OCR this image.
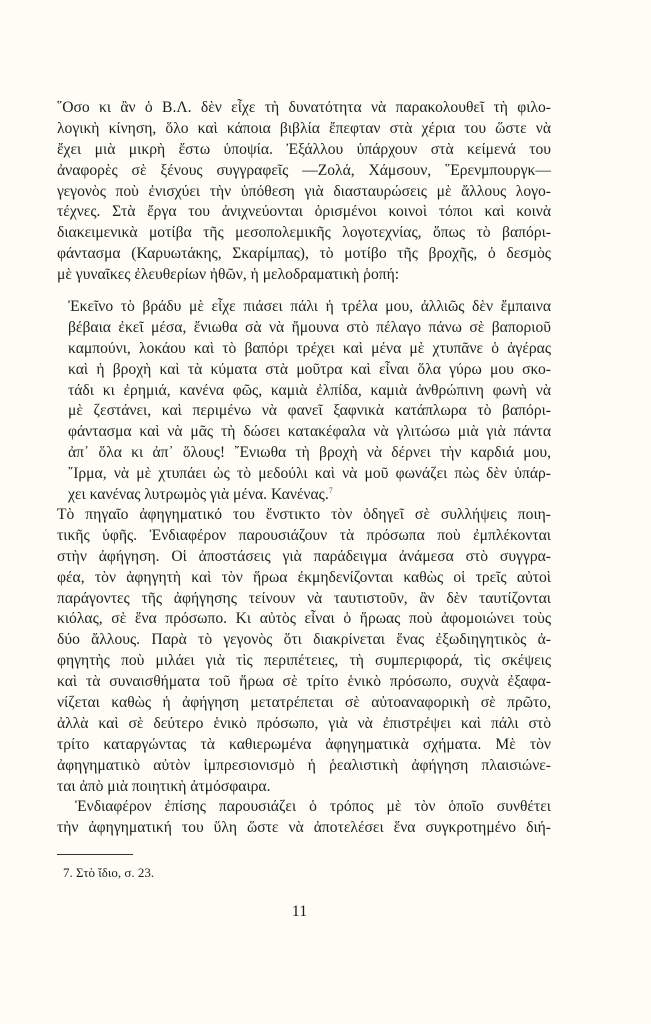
῞Οσο κι ἂν ὁ Β.Λ. δὲν εἶχε τὴ δυνατότητα νὰ παρακολουθεῖ τὴ φιλο-
λογικὴ κίνηση, ὅλο καὶ κάποια βιβλία ἔπεφταν στὰ χέρια του ὥστε νὰ
ἔχει μιὰ μικρὴ ἔστω ὑποψία. Ἐξάλλου ὑπάρχουν στὰ κείμενά του
ἀναφορὲς σὲ ξένους συγγραφεῖς —Ζολά, Χάμσουν, ῞Ερενμπουργκ—
γεγονὸς ποὺ ἐνισχύει τὴν ὑπόθεση γιὰ διασταυρώσεις μὲ ἄλλους λογο-
τέχνες. Στὰ ἔργα του ἀνιχνεύονται ὁρισμένοι κοινοὶ τόποι καὶ κοινὰ
διακειμενικὰ μοτίβα τῆς μεσοπολεμικῆς λογοτεχνίας, ὅπως τὸ βαπόρι-
φάντασμα (Καρυωτάκης, Σκαρίμπας), τὸ μοτίβο τῆς βροχῆς, ὁ δεσμὸς
μὲ γυναῖκες ἐλευθερίων ἠθῶν, ἡ μελοδραματικὴ ῥοπή:
Ἐκεῖνο τὸ βράδυ μὲ εἶχε πιάσει πάλι ἡ τρέλα μου, ἀλλιῶς δὲν ἔμπαινα
βέβαια ἐκεῖ μέσα, ἔνιωθα σὰ νὰ ἤμουνα στὸ πέλαγο πάνω σὲ βαποριοῦ
καμπούνι, λοκάου καὶ τὸ βαπόρι τρέχει καὶ μένα μὲ χτυπᾶνε ὁ ἀγέρας
καὶ ἡ βροχὴ καὶ τὰ κύματα στὰ μοῦτρα καὶ εἶναι ὅλα γύρω μου σκο-
τάδι κι ἐρημιά, κανένα φῶς, καμιὰ ἐλπίδα, καμιὰ ἀνθρώπινη φωνὴ νὰ
μὲ ζεστάνει, καὶ περιμένω νὰ φανεῖ ξαφνικὰ κατάπλωρα τὸ βαπόρι-
φάντασμα καὶ νὰ μᾶς τὴ δώσει κατακέφαλα νὰ γλιτώσω μιὰ γιὰ πάντα
ἀπ᾽ ὅλα κι ἀπ᾽ ὅλους! ῎Ενιωθα τὴ βροχὴ νὰ δέρνει τὴν καρδιά μου,
῎Ιρμα, νὰ μὲ χτυπάει ὡς τὸ μεδούλι καὶ νὰ μοῦ φωνάζει πὼς δὲν ὑπάρ-
χει κανένας λυτρωμὸς γιὰ μένα. Κανένας.$^7$
Τὸ πηγαῖο ἀφηγηματικό του ἔνστικτο τὸν ὁδηγεῖ σὲ συλλήψεις ποιη-
τικῆς ὑφῆς. Ἐνδιαφέρον παρουσιάζουν τὰ πρόσωπα ποὺ ἐμπλέκονται
στὴν ἀφήγηση. Οἱ ἀποστάσεις γιὰ παράδειγμα ἀνάμεσα στὸ συγγρα-
φέα, τὸν ἀφηγητὴ καὶ τὸν ἥρωα ἐκμηδενίζονται καθὼς οἱ τρεῖς αὐτοὶ
παράγοντες τῆς ἀφήγησης τείνουν νὰ ταυτιστοῦν, ἂν δὲν ταυτίζονται
κιόλας, σὲ ἕνα πρόσωπο. Κι αὐτὸς εἶναι ὁ ἥρωας ποὺ ἀφομοιώνει τοὺς
δύο ἄλλους. Παρὰ τὸ γεγονὸς ὅτι διακρίνεται ἕνας ἐξωδιηγητικὸς ἀ-
φηγητὴς ποὺ μιλάει γιὰ τὶς περιπέτειες, τὴ συμπεριφορά, τὶς σκέψεις
καὶ τὰ συναισθήματα τοῦ ἥρωα σὲ τρίτο ἑνικὸ πρόσωπο, συχνὰ ἐξαφα-
νίζεται καθὼς ἡ ἀφήγηση μετατρέπεται σὲ αὐτοαναφορικὴ σὲ πρῶτο,
ἀλλὰ καὶ σὲ δεύτερο ἑνικὸ πρόσωπο, γιὰ νὰ ἐπιστρέψει καὶ πάλι στὸ
τρίτο καταργώντας τὰ καθιερωμένα ἀφηγηματικὰ σχήματα. Μὲ τὸν
ἀφηγηματικὸ αὐτὸν ἰμπρεσιονισμὸ ἡ ῥεαλιστικὴ ἀφήγηση πλαισιώνε-
ται ἀπὸ μιὰ ποιητικὴ ἀτμόσφαιρα.
Ἐνδιαφέρον ἐπίσης παρουσιάζει ὁ τρόπος μὲ τὸν ὁποῖο συνθέτει
τὴν ἀφηγηματική του ὕλη ὥστε νὰ ἀποτελέσει ἕνα συγκροτημένο διή-
7. Στὸ ἴδιο, σ. 23.
11
